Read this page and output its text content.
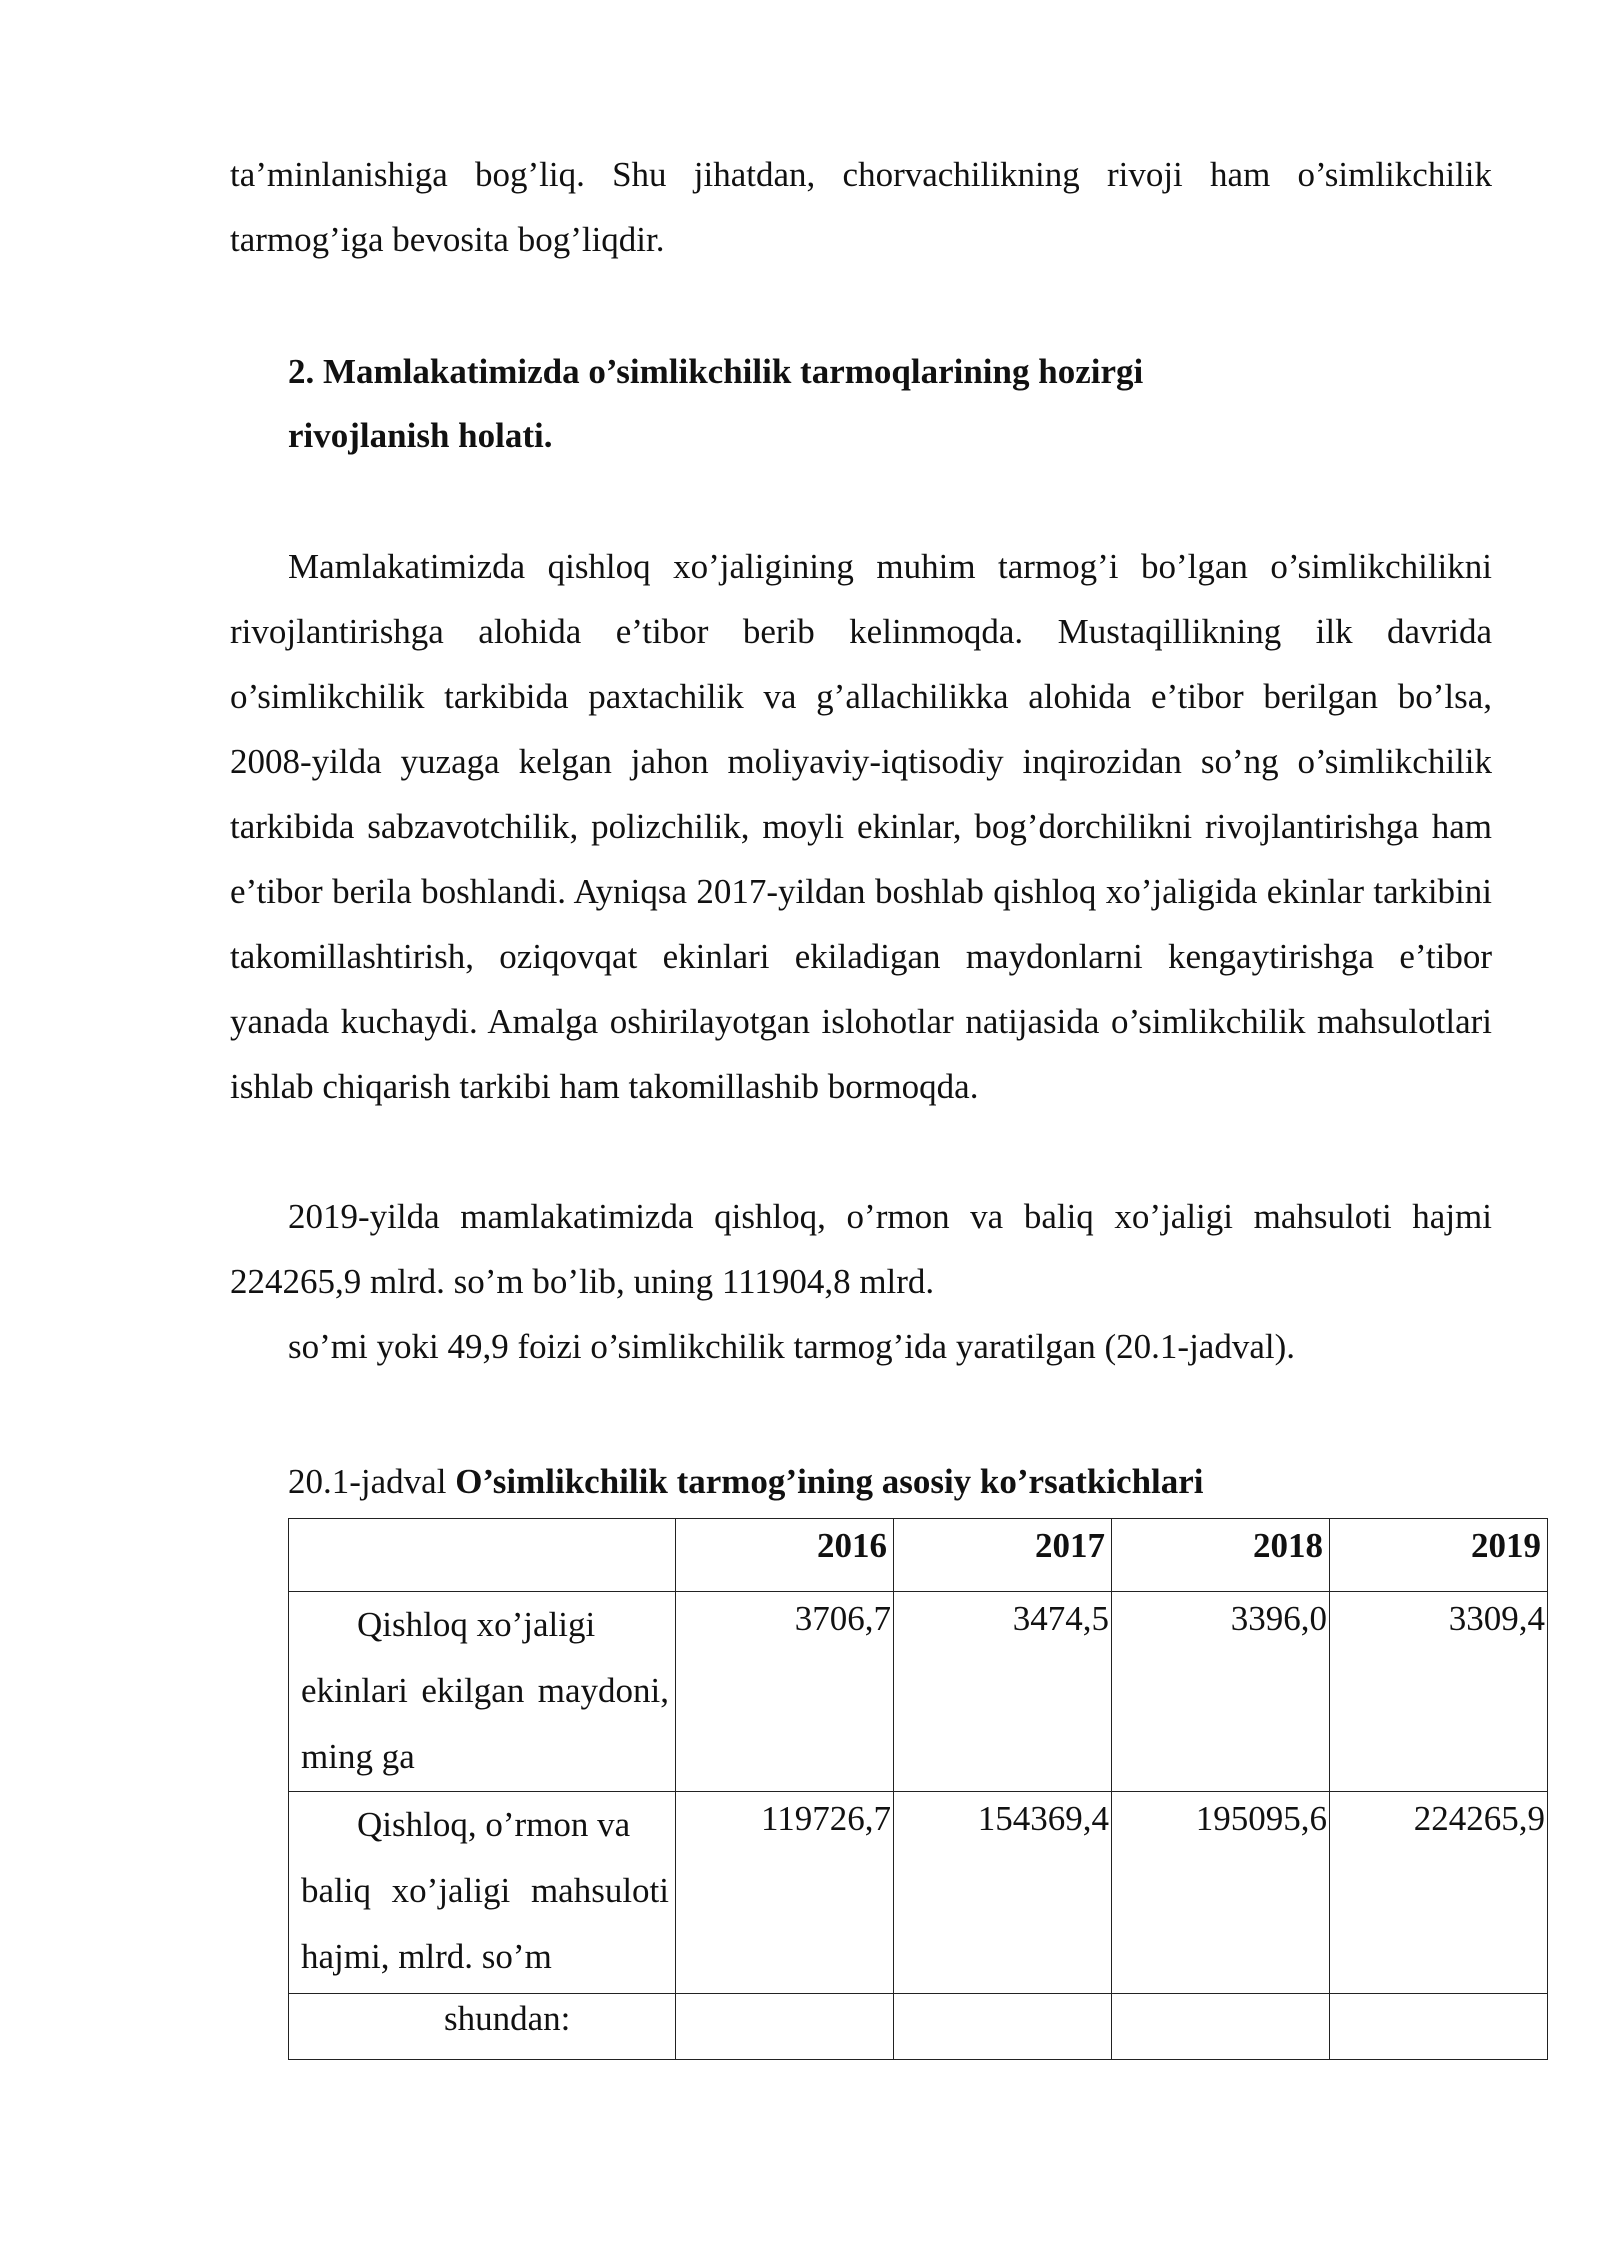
ta’minlanishiga bog’liq. Shu jihatdan, chorvachilikning rivoji ham o’simlikchilik tarmog’iga bevosita bog’liqdir.

2. Mamlakatimizda o’simlikchilik tarmoqlarining hozirgi
rivojlanish holati.

Mamlakatimizda qishloq xo’jaligining muhim tarmog’i bo’lgan o’simlikchilikni rivojlantirishga alohida e’tibor berib kelinmoqda. Mustaqillikning ilk davrida o’simlikchilik tarkibida paxtachilik va g’allachilikka alohida e’tibor berilgan bo’lsa, 2008-yilda yuzaga kelgan jahon moliyaviy-iqtisodiy inqirozidan so’ng o’simlikchilik tarkibida sabzavotchilik, polizchilik, moyli ekinlar, bog’dorchilikni rivojlantirishga ham e’tibor berila boshlandi. Ayniqsa 2017-yildan boshlab qishloq xo’jaligida ekinlar tarkibini takomillashtirish, oziqovqat ekinlari ekiladigan maydonlarni kengaytirishga e’tibor yanada kuchaydi. Amalga oshirilayotgan islohotlar natijasida o’simlikchilik mahsulotlari ishlab chiqarish tarkibi ham takomillashib bormoqda.

2019-yilda mamlakatimizda qishloq, o’rmon va baliq xo’jaligi mahsuloti hajmi 224265,9 mlrd. so’m bo’lib, uning 111904,8 mlrd.

so’mi yoki 49,9 foizi o’simlikchilik tarmog’ida yaratilgan (20.1-jadval).

20.1-jadval O’simlikchilik tarmog’ining asosiy ko’rsatkichlari

	2016	2017	2018	2019

Qishloq xo’jaligi
ekinlari ekilgan maydoni, ming ga	3706,7	3474,5	3396,0	3309,4

Qishloq, o’rmon va
baliq xo’jaligi mahsuloti hajmi, mlrd. so’m	119726,7	154369,4	195095,6	224265,9
shundan:				
